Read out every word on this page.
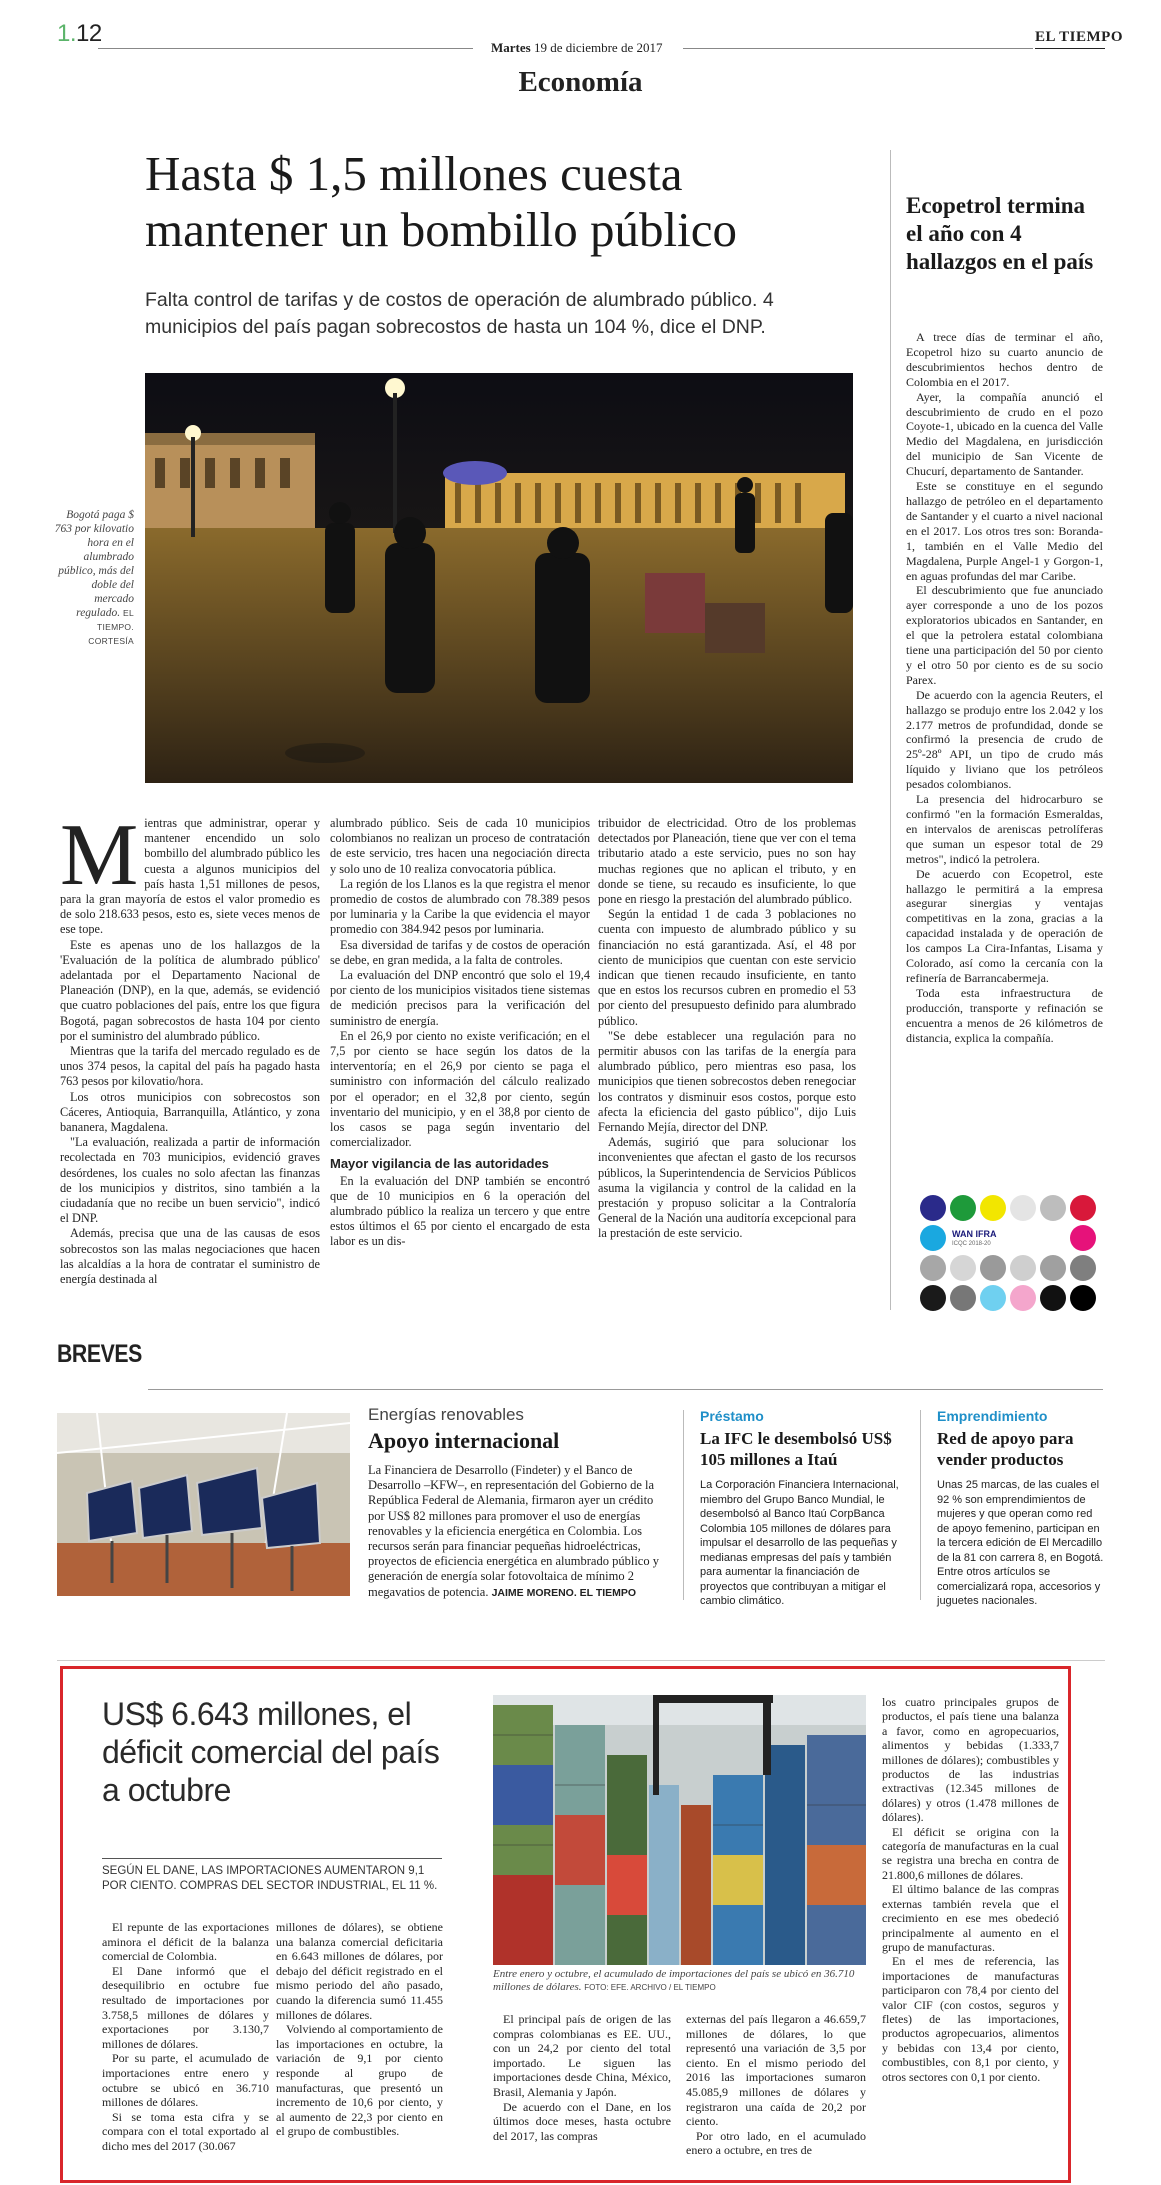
1.12
Martes 19 de diciembre de 2017
EL TIEMPO
Economía
Hasta $ 1,5 millones cuesta mantener un bombillo público
Falta control de tarifas y de costos de operación de alumbrado público. 4 municipios del país pagan sobrecostos de hasta un 104 %, dice el DNP.
Bogotá paga $ 763 por kilovatio hora en el alumbrado público, más del doble del mercado regulado. EL TIEMPO. CORTESÍA

Mientras que administrar, operar y mantener encendido un solo bombillo del alumbrado público les cuesta a algunos municipios del país hasta 1,51 millones de pesos, para la gran mayoría de estos el valor promedio es de solo 218.633 pesos, esto es, siete veces menos de ese tope.

Este es apenas uno de los hallazgos de la 'Evaluación de la política de alumbrado público' adelantada por el Departamento Nacional de Planeación (DNP), en la que, además, se evidenció que cuatro poblaciones del país, entre los que figura Bogotá, pagan sobrecostos de hasta 104 por ciento por el suministro del alumbrado público.

Mientras que la tarifa del mercado regulado es de unos 374 pesos, la capital del país ha pagado hasta 763 pesos por kilovatio/hora.

Los otros municipios con sobrecostos son Cáceres, Antioquia, Barranquilla, Atlántico, y zona bananera, Magdalena.

"La evaluación, realizada a partir de información recolectada en 703 municipios, evidenció graves desórdenes, los cuales no solo afectan las finanzas de los municipios y distritos, sino también a la ciudadanía que no recibe un buen servicio", indicó el DNP.

Además, precisa que una de las causas de esos sobrecostos son las malas negociaciones que hacen las alcaldías a la hora de contratar el suministro de energía destinada al

alumbrado público. Seis de cada 10 municipios colombianos no realizan un proceso de contratación de este servicio, tres hacen una negociación directa y solo uno de 10 realiza convocatoria pública.

La región de los Llanos es la que registra el menor promedio de costos de alumbrado con 78.389 pesos por luminaria y la Caribe la que evidencia el mayor promedio con 384.942 pesos por luminaria.

Esa diversidad de tarifas y de costos de operación se debe, en gran medida, a la falta de controles.

La evaluación del DNP encontró que solo el 19,4 por ciento de los municipios visitados tiene sistemas de medición precisos para la verificación del suministro de energía.

En el 26,9 por ciento no existe verificación; en el 7,5 por ciento se hace según los datos de la interventoría; en el 26,9 por ciento se paga el suministro con información del cálculo realizado por el operador; en el 32,8 por ciento, según inventario del municipio, y en el 38,8 por ciento de los casos se paga según inventario del comercializador.

Mayor vigilancia de las autoridades

En la evaluación del DNP también se encontró que de 10 municipios en 6 la operación del alumbrado público la realiza un tercero y que entre estos últimos el 65 por ciento el encargado de esta labor es un dis-

tribuidor de electricidad. Otro de los problemas detectados por Planeación, tiene que ver con el tema tributario atado a este servicio, pues no son hay muchas regiones que no aplican el tributo, y en donde se tiene, su recaudo es insuficiente, lo que pone en riesgo la prestación del alumbrado público.

Según la entidad 1 de cada 3 poblaciones no cuenta con impuesto de alumbrado público y su financiación no está garantizada. Así, el 48 por ciento de municipios que cuentan con este servicio indican que tienen recaudo insuficiente, en tanto que en estos los recursos cubren en promedio el 53 por ciento del presupuesto definido para alumbrado público.

"Se debe establecer una regulación para no permitir abusos con las tarifas de la energía para alumbrado público, pero mientras eso pasa, los municipios que tienen sobrecostos deben renegociar los contratos y disminuir esos costos, porque esto afecta la eficiencia del gasto público", dijo Luis Fernando Mejía, director del DNP.

Además, sugirió que para solucionar los inconvenientes que afectan el gasto de los recursos públicos, la Superintendencia de Servicios Públicos asuma la vigilancia y control de la calidad en la prestación y propuso solicitar a la Contraloría General de la Nación una auditoría excepcional para la prestación de este servicio.

Ecopetrol termina el año con 4 hallazgos en el país

A trece días de terminar el año, Ecopetrol hizo su cuarto anuncio de descubrimientos hechos dentro de Colombia en el 2017.

Ayer, la compañía anunció el descubrimiento de crudo en el pozo Coyote-1, ubicado en la cuenca del Valle Medio del Magdalena, en jurisdicción del municipio de San Vicente de Chucurí, departamento de Santander.

Este se constituye en el segundo hallazgo de petróleo en el departamento de Santander y el cuarto a nivel nacional en el 2017. Los otros tres son: Boranda-1, también en el Valle Medio del Magdalena, Purple Angel-1 y Gorgon-1, en aguas profundas del mar Caribe.

El descubrimiento que fue anunciado ayer corresponde a uno de los pozos exploratorios ubicados en Santander, en el que la petrolera estatal colombiana tiene una participación del 50 por ciento y el otro 50 por ciento es de su socio Parex.

De acuerdo con la agencia Reuters, el hallazgo se produjo entre los 2.042 y los 2.177 metros de profundidad, donde se confirmó la presencia de crudo de 25º-28º API, un tipo de crudo más líquido y liviano que los petróleos pesados colombianos.

La presencia del hidrocarburo se confirmó "en la formación Esmeraldas, en intervalos de areniscas petrolíferas que suman un espesor total de 29 metros", indicó la petrolera.

De acuerdo con Ecopetrol, este hallazgo le permitirá a la empresa asegurar sinergias y ventajas competitivas en la zona, gracias a la capacidad instalada y de operación de los campos La Cira-Infantas, Lisama y Colorado, así como la cercanía con la refinería de Barrancabermeja.

Toda esta infraestructura de producción, transporte y refinación se encuentra a menos de 26 kilómetros de distancia, explica la compañía.

WAN IFRA
ICQC 2018-20
BREVES
Energías renovables
Apoyo internacional
La Financiera de Desarrollo (Findeter) y el Banco de Desarrollo –KFW–, en representación del Gobierno de la República Federal de Alemania, firmaron ayer un crédito por US$ 82 millones para promover el uso de energías renovables y la eficiencia energética en Colombia. Los recursos serán para financiar pequeñas hidroeléctricas, proyectos de eficiencia energética en alumbrado público y generación de energía solar fotovoltaica de mínimo 2 megavatios de potencia. JAIME MORENO. EL TIEMPO
Préstamo
La IFC le desembolsó US$ 105 millones a Itaú
La Corporación Financiera Internacional, miembro del Grupo Banco Mundial, le desembolsó al Banco Itaú CorpBanca Colombia 105 millones de dólares para impulsar el desarrollo de las pequeñas y medianas empresas del país y también para aumentar la financiación de proyectos que contribuyan a mitigar el cambio climático.
Emprendimiento
Red de apoyo para vender productos
Unas 25 marcas, de las cuales el 92 % son emprendimientos de mujeres y que operan como red de apoyo femenino, participan en la tercera edición de El Mercadillo de la 81 con carrera 8, en Bogotá. Entre otros artículos se comercializará ropa, accesorios y juguetes nacionales.
US$ 6.643 millones, el déficit comercial del país a octubre
SEGÚN EL DANE, LAS IMPORTACIONES AUMENTARON 9,1 POR CIENTO. COMPRAS DEL SECTOR INDUSTRIAL, EL 11 %.

El repunte de las exportaciones aminora el déficit de la balanza comercial de Colombia.

El Dane informó que el desequilibrio en octubre fue resultado de importaciones por 3.758,5 millones de dólares y exportaciones por 3.130,7 millones de dólares.

Por su parte, el acumulado de importaciones entre enero y octubre se ubicó en 36.710 millones de dólares.

Si se toma esta cifra y se compara con el total exportado al dicho mes del 2017 (30.067

millones de dólares), se obtiene una balanza comercial deficitaria en 6.643 millones de dólares, por debajo del déficit registrado en el mismo periodo del año pasado, cuando la diferencia sumó 11.455 millones de dólares.

Volviendo al comportamiento de las importaciones en octubre, la variación de 9,1 por ciento responde al grupo de manufacturas, que presentó un incremento de 10,6 por ciento, y al aumento de 22,3 por ciento en el grupo de combustibles.

Entre enero y octubre, el acumulado de importaciones del país se ubicó en 36.710 millones de dólares. FOTO: EFE. ARCHIVO / EL TIEMPO

El principal país de origen de las compras colombianas es EE. UU., con un 24,2 por ciento del total importado. Le siguen las importaciones desde China, México, Brasil, Alemania y Japón.

De acuerdo con el Dane, en los últimos doce meses, hasta octubre del 2017, las compras

externas del país llegaron a 46.659,7 millones de dólares, lo que representó una variación de 3,5 por ciento. En el mismo periodo del 2016 las importaciones sumaron 45.085,9 millones de dólares y registraron una caída de 20,2 por ciento.

Por otro lado, en el acumulado enero a octubre, en tres de

los cuatro principales grupos de productos, el país tiene una balanza a favor, como en agropecuarios, alimentos y bebidas (1.333,7 millones de dólares); combustibles y productos de las industrias extractivas (12.345 millones de dólares) y otros (1.478 millones de dólares).

El déficit se origina con la categoría de manufacturas en la cual se registra una brecha en contra de 21.800,6 millones de dólares.

El último balance de las compras externas también revela que el crecimiento en ese mes obedeció principalmente al aumento en el grupo de manufacturas.

En el mes de referencia, las importaciones de manufacturas participaron con 78,4 por ciento del valor CIF (con costos, seguros y fletes) de las importaciones, productos agropecuarios, alimentos y bebidas con 13,4 por ciento, combustibles, con 8,1 por ciento, y otros sectores con 0,1 por ciento.
